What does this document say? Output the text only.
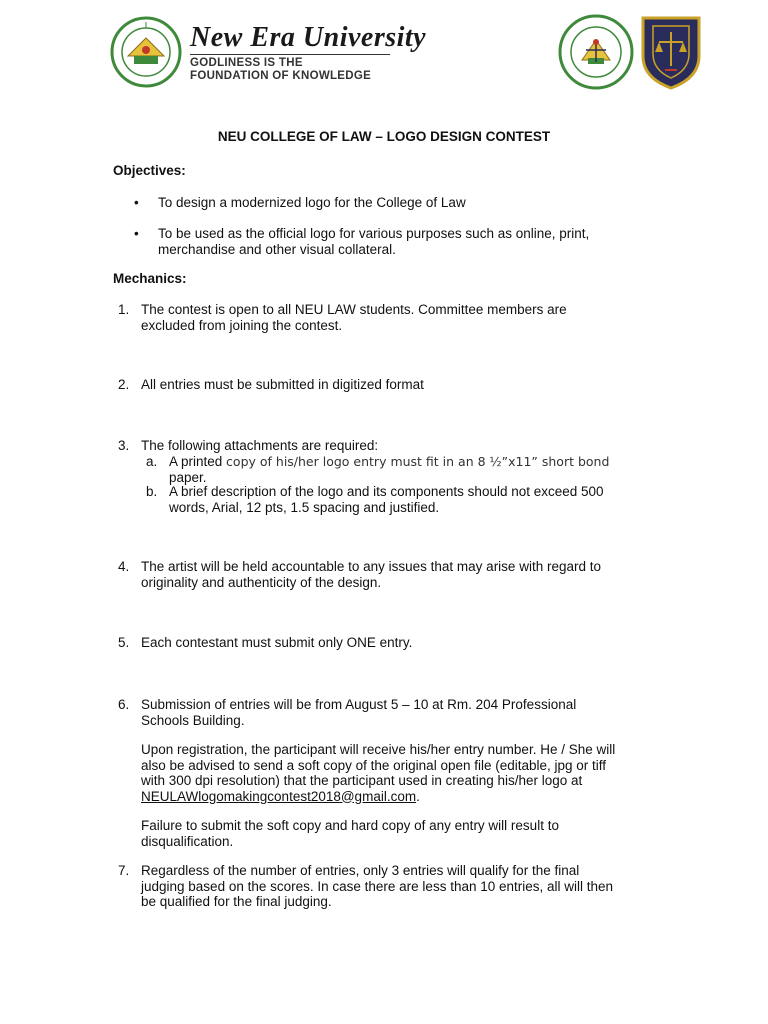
New Era University
GODLINESS IS THE
FOUNDATION OF KNOWLEDGE
NEU COLLEGE OF LAW – LOGO DESIGN CONTEST
Objectives:
• To design a modernized logo for the College of Law
• To be used as the official logo for various purposes such as online, print,
merchandise and other visual collateral.
Mechanics:
1. The contest is open to all NEU LAW students. Committee members are
excluded from joining the contest.
2. All entries must be submitted in digitized format
3. The following attachments are required:
a. A printed copy of his/her logo entry must fit in an 8 ½”x11” short bond
paper.
b. A brief description of the logo and its components should not exceed 500
words, Arial, 12 pts, 1.5 spacing and justified.
4. The artist will be held accountable to any issues that may arise with regard to
originality and authenticity of the design.
5. Each contestant must submit only ONE entry.
6. Submission of entries will be from August 5 – 10 at Rm. 204 Professional
Schools Building.
Upon registration, the participant will receive his/her entry number. He / She will
also be advised to send a soft copy of the original open file (editable, jpg or tiff
with 300 dpi resolution) that the participant used in creating his/her logo at
NEULAWlogomakingcontest2018@gmail.com.
Failure to submit the soft copy and hard copy of any entry will result to
disqualification.
7. Regardless of the number of entries, only 3 entries will qualify for the final
judging based on the scores. In case there are less than 10 entries, all will then
be qualified for the final judging.
